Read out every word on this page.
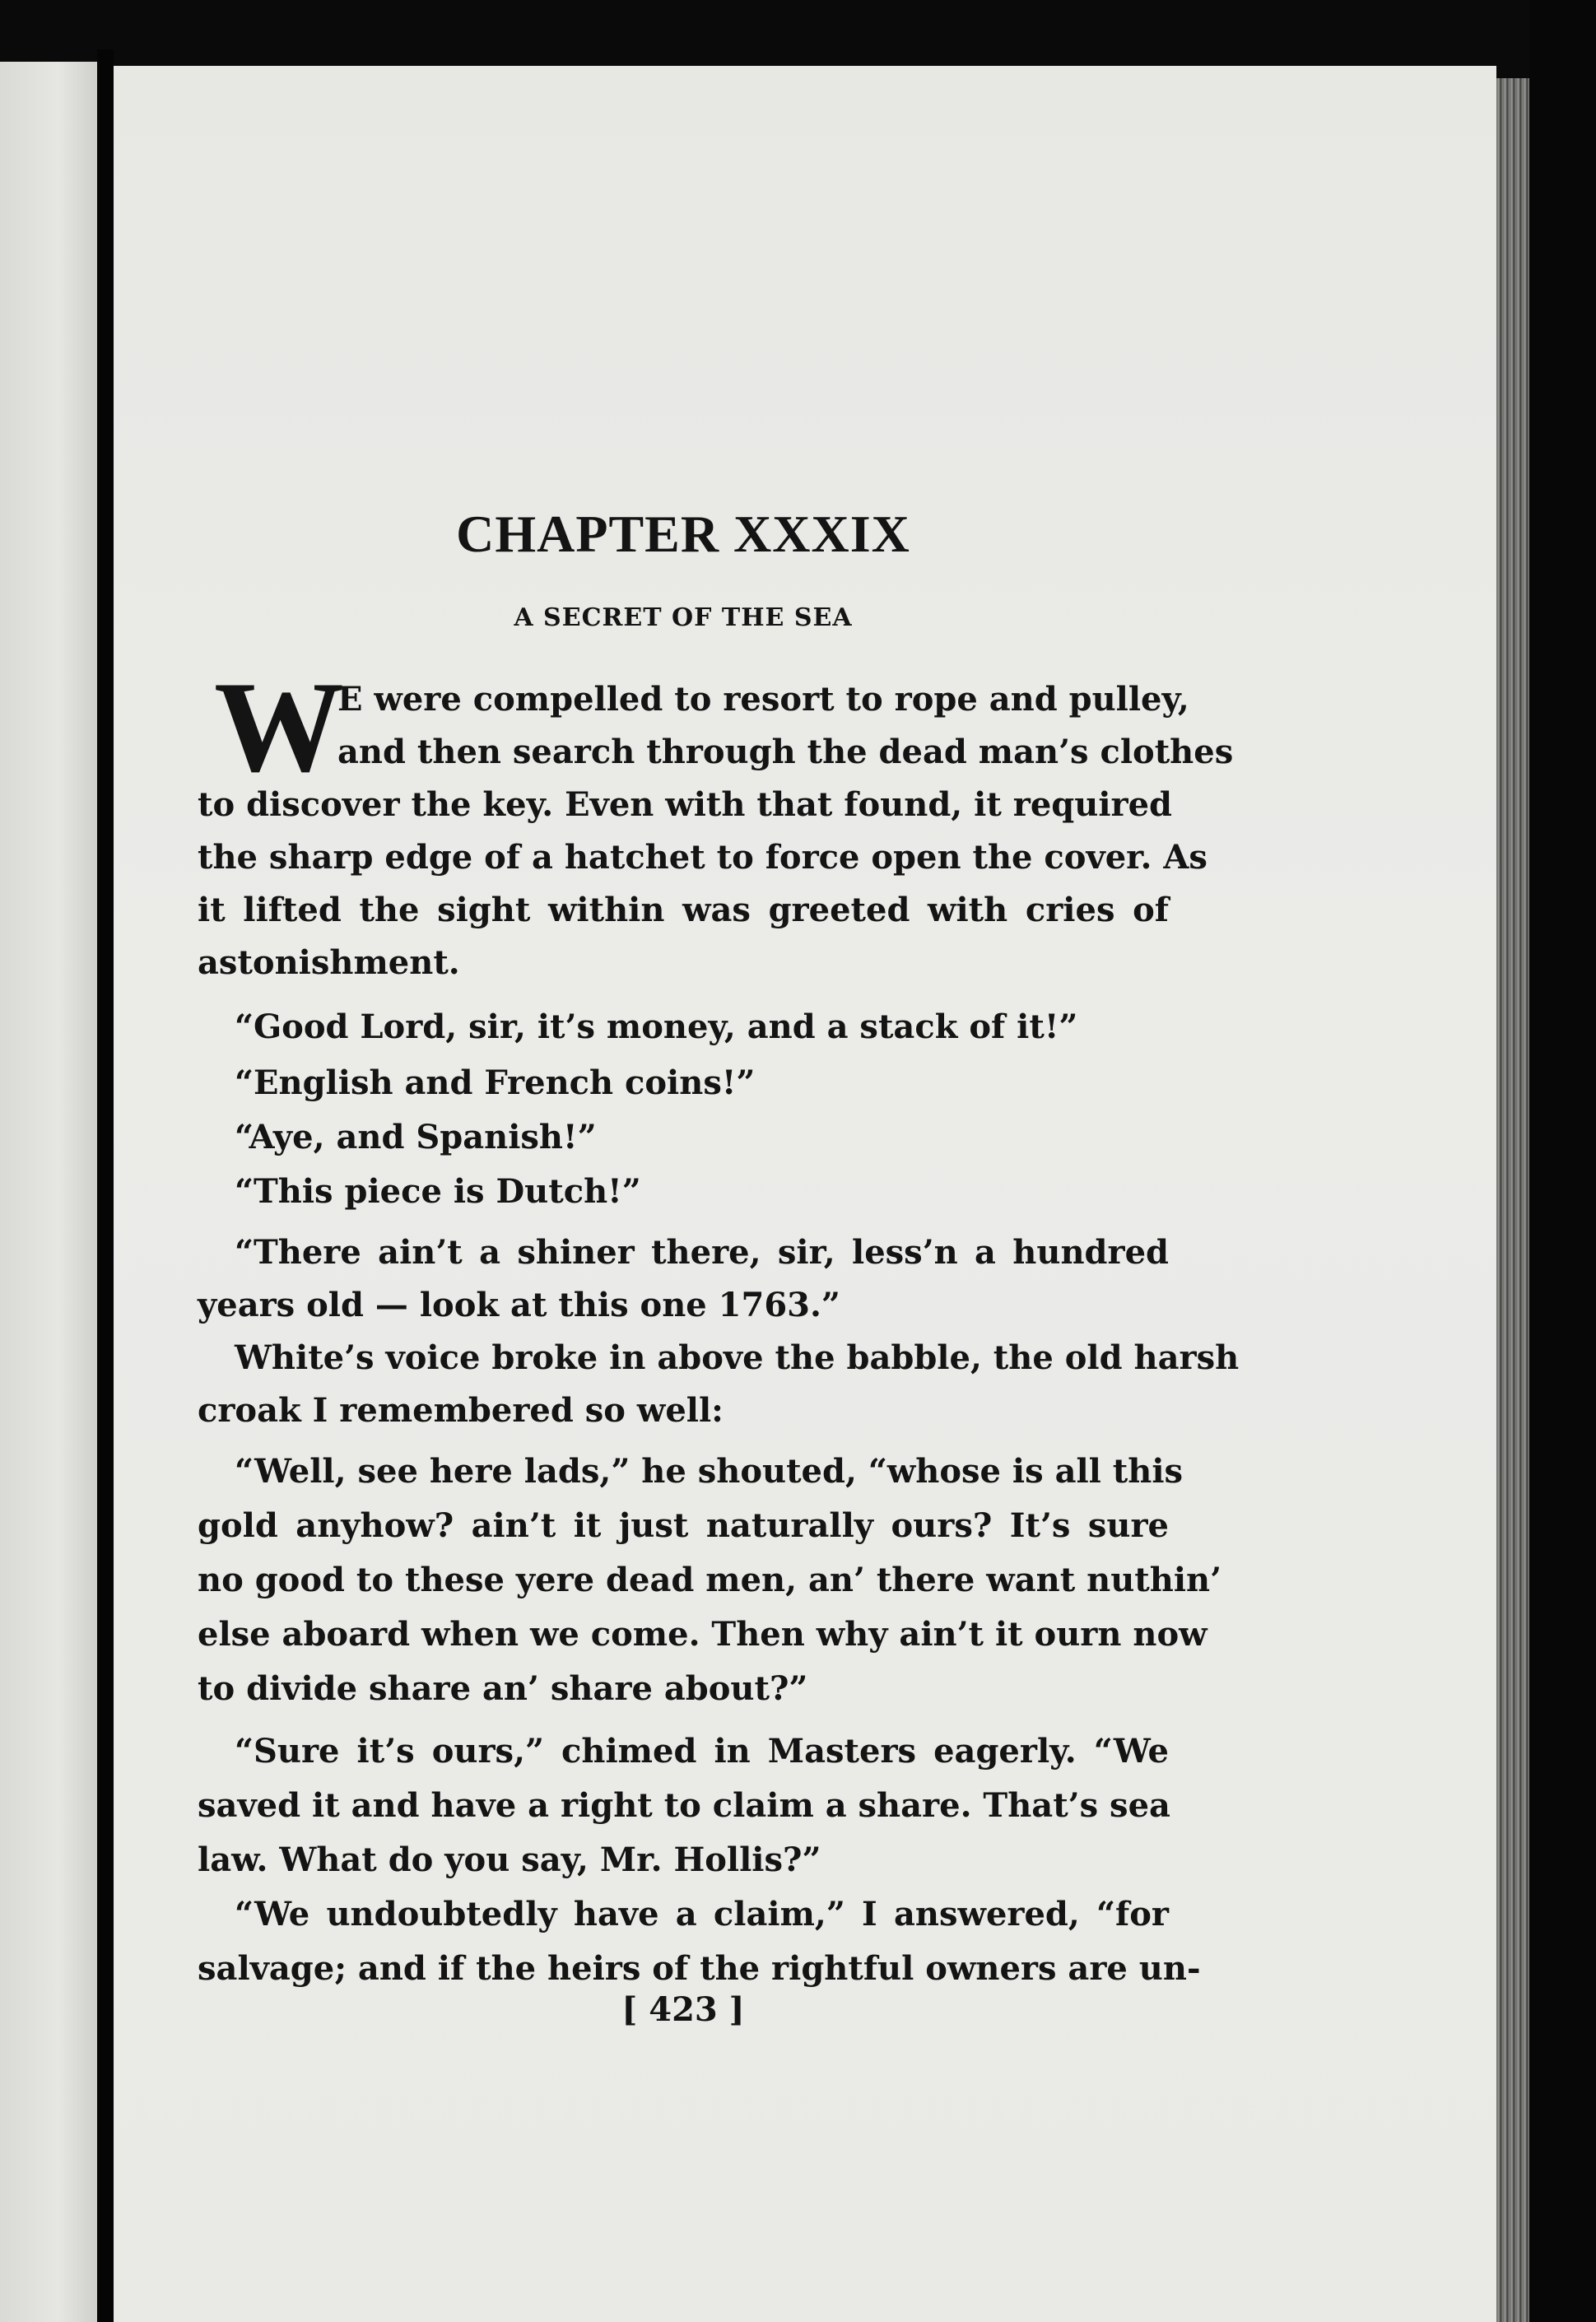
CHAPTER XXXIX
A SECRET OF THE SEA
W
E were compelled to resort to rope and pulley,
and then search through the dead man’s clothes
to discover the key. Even with that found, it required
the sharp edge of a hatchet to force open the cover. As
it lifted the sight within was greeted with cries of
astonishment.
“Good Lord, sir, it’s money, and a stack of it!”
“English and French coins!”
“Aye, and Spanish!”
“This piece is Dutch!”
“There ain’t a shiner there, sir, less’n a hundred
years old — look at this one 1763.”
White’s voice broke in above the babble, the old harsh
croak I remembered so well:
“Well, see here lads,” he shouted, “whose is all this
gold anyhow? ain’t it just naturally ours? It’s sure
no good to these yere dead men, an’ there want nuthin’
else aboard when we come. Then why ain’t it ourn now
to divide share an’ share about?”
“Sure it’s ours,” chimed in Masters eagerly. “We
saved it and have a right to claim a share. That’s sea
law. What do you say, Mr. Hollis?”
“We undoubtedly have a claim,” I answered, “for
salvage; and if the heirs of the rightful owners are un-
[ 423 ]
